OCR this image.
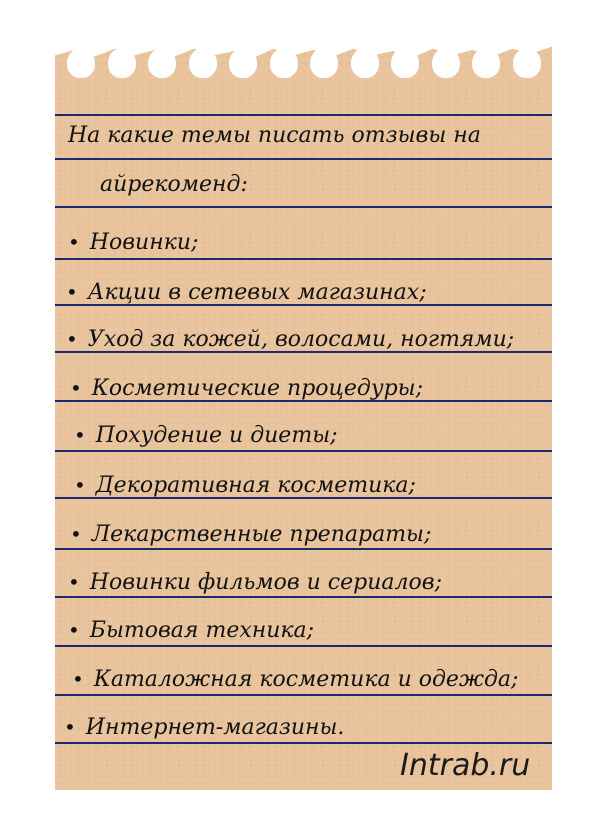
На какие темы писать отзывы на
айрекоменд:
• Новинки;
• Акции в сетевых магазинах;
• Уход за кожей, волосами, ногтями;
• Косметические процедуры;
• Похудение и диеты;
• Декоративная косметика;
• Лекарственные препараты;
• Новинки фильмов и сериалов;
• Бытовая техника;
• Каталожная косметика и одежда;
• Интернет-магазины.
Intrab.ru
